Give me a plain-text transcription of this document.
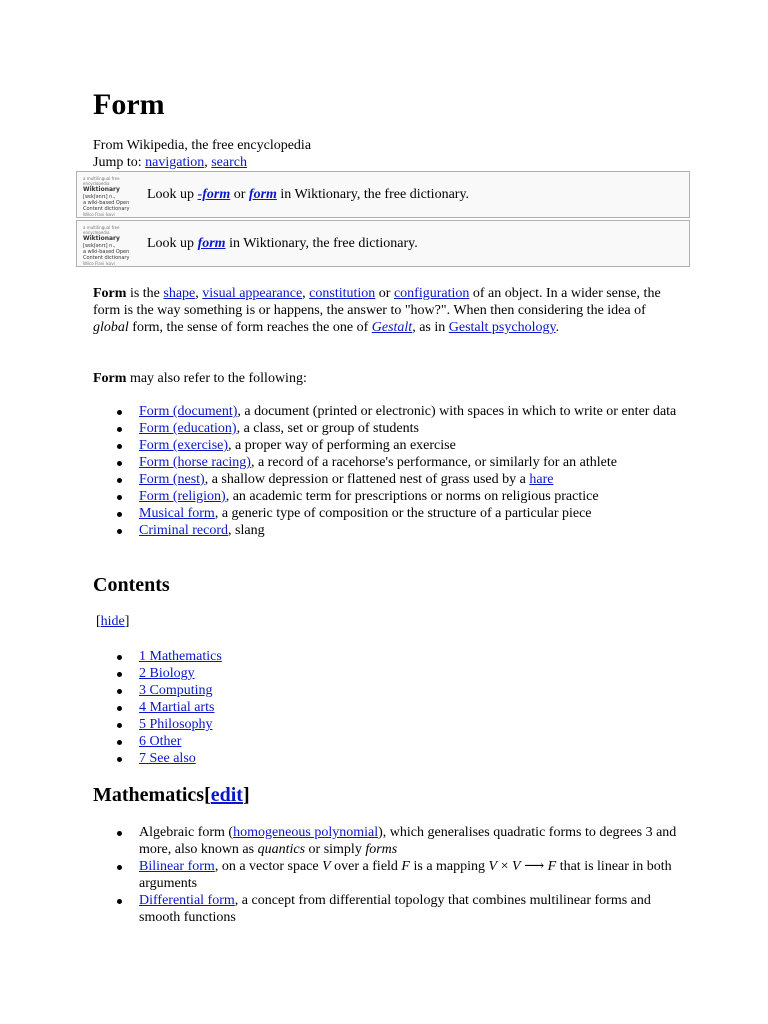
Form
From Wikipedia, the free encyclopedia
Jump to: navigation, search
a multilingual free
encyclopedia
Wiktionary
[wɪkʃənrɪ] n.,
a wiki-based Open
Content dictionary
Wilco Flavi Isavi
Look up -form or form in Wiktionary, the free dictionary.
a multilingual free
encyclopedia
Wiktionary
[wɪkʃənrɪ] n.,
a wiki-based Open
Content dictionary
Wilco Flavi Isavi
Look up form in Wiktionary, the free dictionary.

Form is the shape, visual appearance, constitution or configuration of an object. In a wider sense, the form is the way something is or happens, the answer to "how?". When then considering the idea of global form, the sense of form reaches the one of Gestalt, as in Gestalt psychology.

Form may also refer to the following:

Form (document), a document (printed or electronic) with spaces in which to write or enter data
Form (education), a class, set or group of students
Form (exercise), a proper way of performing an exercise
Form (horse racing), a record of a racehorse's performance, or similarly for an athlete
Form (nest), a shallow depression or flattened nest of grass used by a hare
Form (religion), an academic term for prescriptions or norms on religious practice
Musical form, a generic type of composition or the structure of a particular piece
Criminal record, slang
Contents
[hide]
1 Mathematics
2 Biology
3 Computing
4 Martial arts
5 Philosophy
6 Other
7 See also
Mathematics[edit]
Algebraic form (homogeneous polynomial), which generalises quadratic forms to degrees 3 and more, also known as quantics or simply forms
Bilinear form, on a vector space V over a field F is a mapping V × V ⟶ F that is linear in both arguments
Differential form, a concept from differential topology that combines multilinear forms and smooth functions
